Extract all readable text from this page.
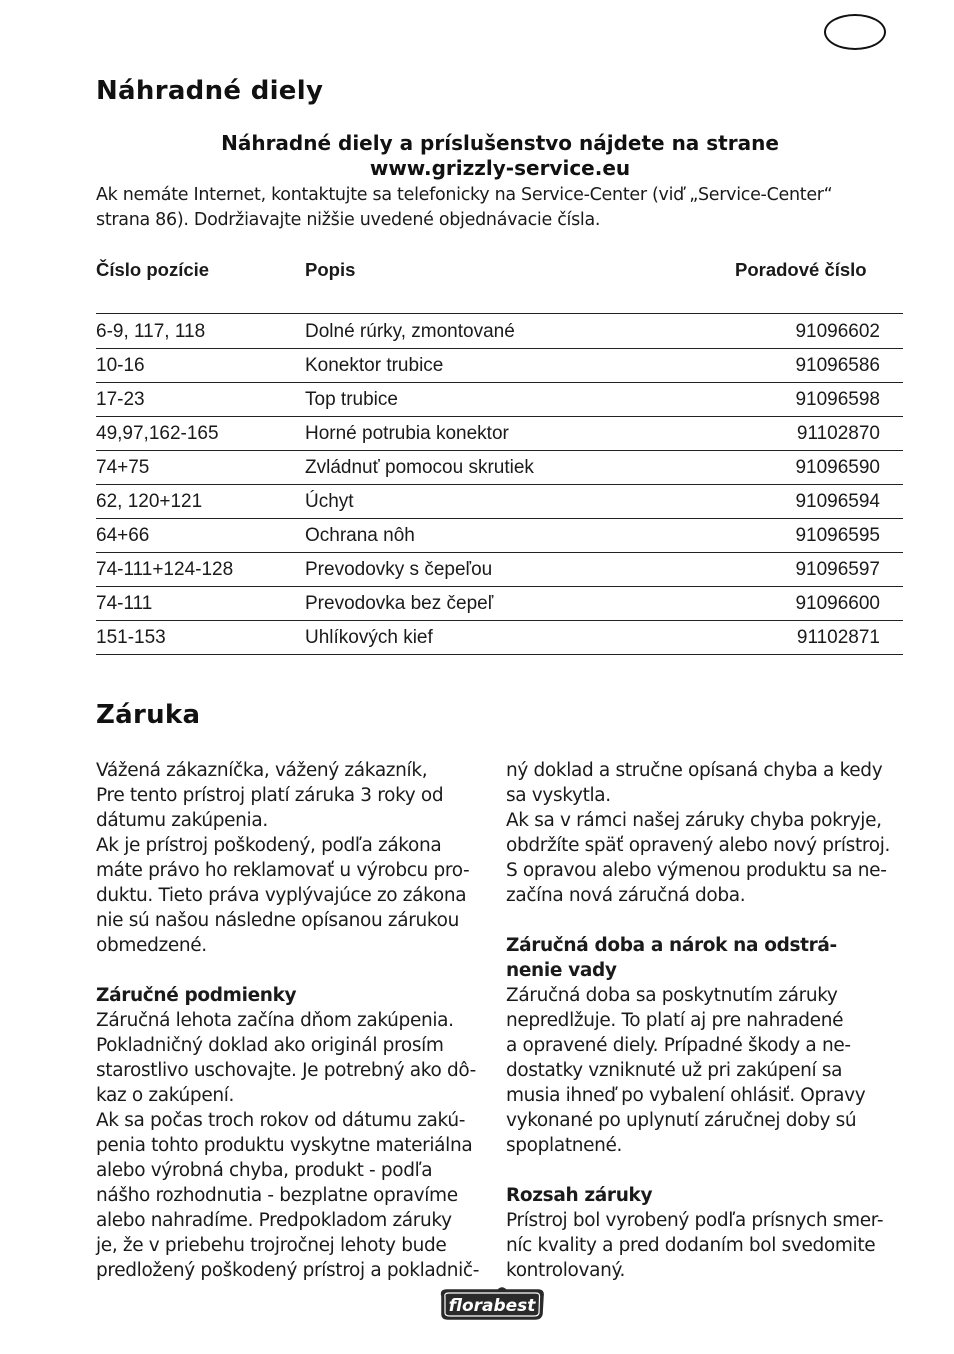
Náhradné diely
Náhradné diely a príslušenstvo nájdete na strane
www.grizzly-service.eu
Ak nemáte Internet, kontaktujte sa telefonicky na Service-Center (viď „Service-Center“
strana 86). Dodržiavajte nižšie uvedené objednávacie čísla.
Číslo pozície	Popis	Poradové číslo
6-9, 117, 118	Dolné rúrky, zmontované	91096602
10-16	Konektor trubice	91096586
17-23	Top trubice	91096598
49,97,162-165	Horné potrubia konektor	91102870
74+75	Zvládnuť pomocou skrutiek	91096590
62, 120+121	Úchyt	91096594
64+66	Ochrana nôh	91096595
74-111+124-128	Prevodovky s čepeľou	91096597
74-111	Prevodovka bez čepeľ	91096600
151-153	Uhlíkových kief	91102871
Záruka

Vážená zákazníčka, vážený zákazník,

Pre tento prístroj platí záruka 3 roky od

dátumu zakúpenia.

Ak je prístroj poškodený, podľa zákona

máte právo ho reklamovať u výrobcu pro-

duktu. Tieto práva vyplývajúce zo zákona

nie sú našou následne opísanou zárukou

obmedzené.

Záručné podmienky

Záručná lehota začína dňom zakúpenia.

Pokladničný doklad ako originál prosím

starostlivo uschovajte. Je potrebný ako dô-

kaz o zakúpení.

Ak sa počas troch rokov od dátumu zakú-

penia tohto produktu vyskytne materiálna

alebo výrobná chyba, produkt - podľa

nášho rozhodnutia - bezplatne opravíme

alebo nahradíme. Predpokladom záruky

je, že v priebehu trojročnej lehoty bude

predložený poškodený prístroj a pokladnič-

ný doklad a stručne opísaná chyba a kedy

sa vyskytla.

Ak sa v rámci našej záruky chyba pokryje,

obdržíte späť opravený alebo nový prístroj.

S opravou alebo výmenou produktu sa ne-

začína nová záručná doba.

Záručná doba a nárok na odstrá-

nenie vady

Záručná doba sa poskytnutím záruky

nepredlžuje. To platí aj pre nahradené

a opravené diely. Prípadné škody a ne-

dostatky vzniknuté už pri zakúpení sa

musia ihneď po vybalení ohlásiť. Opravy

vykonané po uplynutí záručnej doby sú

spoplatnené.

Rozsah záruky

Prístroj bol vyrobený podľa prísnych smer-

níc kvality a pred dodaním bol svedomite

kontrolovaný.

florabest
